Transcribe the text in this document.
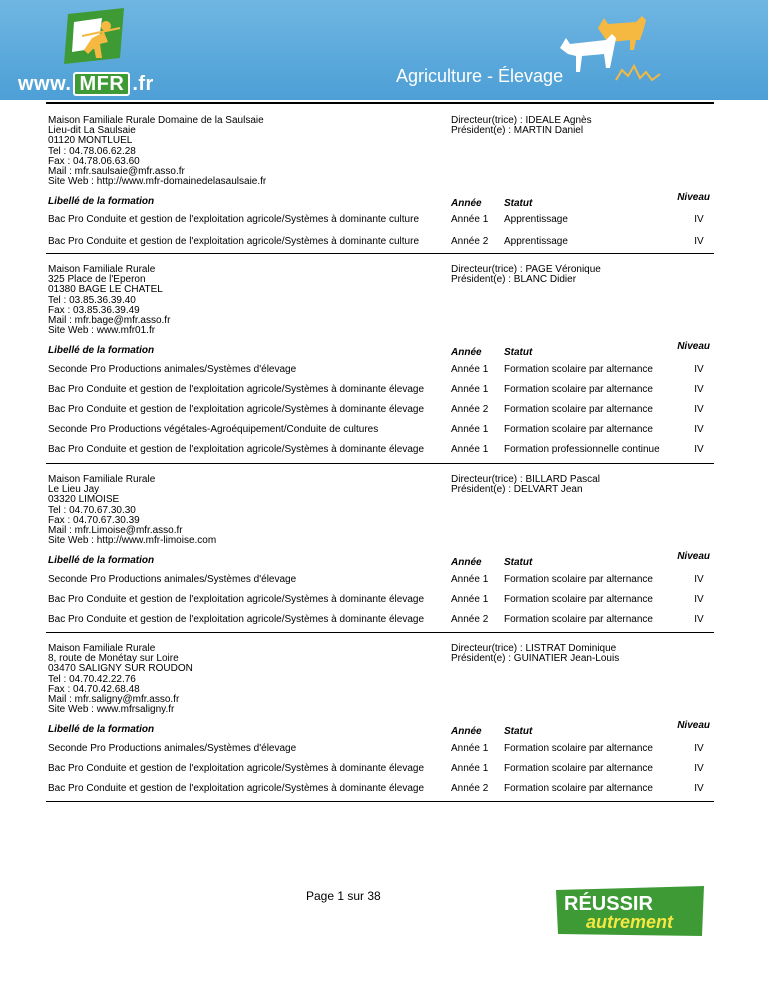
www. MFR .fr	Agriculture - Élevage
Maison Familiale Rurale Domaine de la Saulsaie
Lieu-dit La Saulsaie
01120 MONTLUEL
Tel : 04.78.06.62.28
Fax : 04.78.06.63.60
Mail : mfr.saulsaie@mfr.asso.fr
Site Web : http://www.mfr-domainedelasaulsaie.fr
Directeur(trice) : IDEALE Agnès
Président(e) : MARTIN Daniel
Libellé de la formation	Année Statut
Niveau
Bac Pro Conduite et gestion de l'exploitation agricole/Systèmes à dominante culture	Année 1 Apprentissage	IV
Bac Pro Conduite et gestion de l'exploitation agricole/Systèmes à dominante culture	Année 2 Apprentissage	IV
Maison Familiale Rurale
325 Place de l'Eperon
01380 BAGE LE CHATEL
Tel : 03.85.36.39.40
Fax : 03.85.36.39.49
Mail : mfr.bage@mfr.asso.fr
Site Web : www.mfr01.fr
Directeur(trice) : PAGE Véronique
Président(e) : BLANC Didier
Libellé de la formation	Année Statut
Niveau
Seconde Pro Productions animales/Systèmes d'élevage	Année 1 Formation scolaire par alternance	IV
Bac Pro Conduite et gestion de l'exploitation agricole/Systèmes à dominante élevage	Année 1 Formation scolaire par alternance	IV
Bac Pro Conduite et gestion de l'exploitation agricole/Systèmes à dominante élevage	Année 2 Formation scolaire par alternance	IV
Seconde Pro Productions végétales-Agroéquipement/Conduite de cultures	Année 1 Formation scolaire par alternance	IV
Bac Pro Conduite et gestion de l'exploitation agricole/Systèmes à dominante élevage	Année 1 Formation professionnelle continue	IV
Maison Familiale Rurale
Le Lieu Jay
03320 LIMOISE
Tel : 04.70.67.30.30
Fax : 04.70.67.30.39
Mail : mfr.Limoise@mfr.asso.fr
Site Web : http://www.mfr-limoise.com
Directeur(trice) : BILLARD Pascal
Président(e) : DELVART Jean
Libellé de la formation	Année Statut
Niveau
Seconde Pro Productions animales/Systèmes d'élevage	Année 1 Formation scolaire par alternance	IV
Bac Pro Conduite et gestion de l'exploitation agricole/Systèmes à dominante élevage	Année 1 Formation scolaire par alternance	IV
Bac Pro Conduite et gestion de l'exploitation agricole/Systèmes à dominante élevage	Année 2 Formation scolaire par alternance	IV
Maison Familiale Rurale
8, route de Monétay sur Loire
03470 SALIGNY SUR ROUDON
Tel : 04.70.42.22.76
Fax : 04.70.42.68.48
Mail : mfr.saligny@mfr.asso.fr
Site Web : www.mfrsaligny.fr
Directeur(trice) : LISTRAT Dominique
Président(e) : GUINATIER Jean-Louis
Libellé de la formation	Année Statut
Niveau
Seconde Pro Productions animales/Systèmes d'élevage	Année 1 Formation scolaire par alternance	IV
Bac Pro Conduite et gestion de l'exploitation agricole/Systèmes à dominante élevage	Année 1 Formation scolaire par alternance	IV
Bac Pro Conduite et gestion de l'exploitation agricole/Systèmes à dominante élevage	Année 2 Formation scolaire par alternance	IV
Page 1 sur 38	RÉUSSIR
autrement
